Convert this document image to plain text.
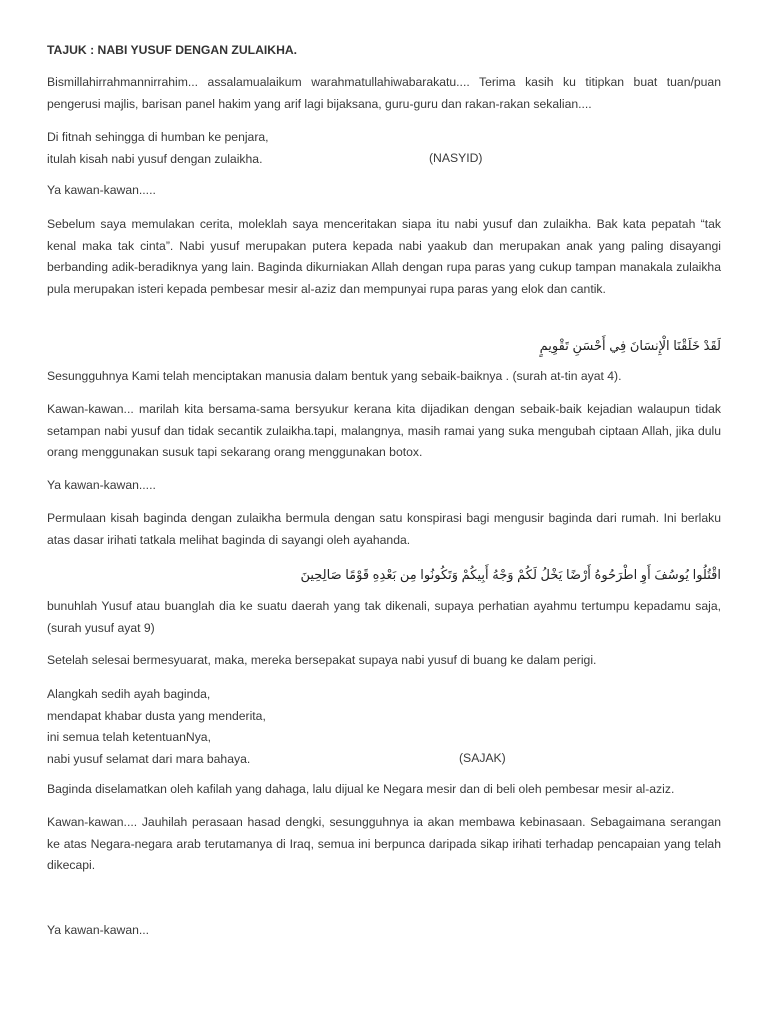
TAJUK : NABI YUSUF DENGAN ZULAIKHA.

Bismillahirrahmannirrahim... assalamualaikum warahmatullahiwabarakatu.... Terima kasih ku titipkan buat tuan/puan pengerusi majlis, barisan panel hakim yang arif lagi bijaksana, guru-guru dan rakan-rakan sekalian....

Di fitnah sehingga di humban ke penjara,
itulah kisah nabi yusuf dengan zulaikha.	(NASYID)

Ya kawan-kawan.....

Sebelum saya memulakan cerita, moleklah saya menceritakan siapa itu nabi yusuf dan zulaikha. Bak kata pepatah “tak kenal maka tak cinta”. Nabi yusuf merupakan putera kepada nabi yaakub dan merupakan anak yang paling disayangi berbanding adik-beradiknya yang lain. Baginda dikurniakan Allah dengan rupa paras yang cukup tampan manakala zulaikha pula merupakan isteri kepada pembesar mesir al-aziz dan mempunyai rupa paras yang elok dan cantik.

لَقَدْ خَلَقْنَا الْإِنسَانَ فِي أَحْسَنِ تَقْوِيمٍ

Sesungguhnya Kami telah menciptakan manusia dalam bentuk yang sebaik-baiknya . (surah at-tin ayat 4).

Kawan-kawan... marilah kita bersama-sama bersyukur kerana kita dijadikan dengan sebaik-baik kejadian walaupun tidak setampan nabi yusuf dan tidak secantik zulaikha.tapi, malangnya, masih ramai yang suka mengubah ciptaan Allah, jika dulu orang menggunakan susuk tapi sekarang orang menggunakan botox.

Ya kawan-kawan.....

Permulaan kisah baginda dengan zulaikha bermula dengan satu konspirasi bagi mengusir baginda dari rumah. Ini berlaku atas dasar irihati tatkala melihat baginda di sayangi oleh ayahanda.

اقْتُلُوا يُوسُفَ أَوِ اطْرَحُوهُ أَرْضًا يَخْلُ لَكُمْ وَجْهُ أَبِيكُمْ وَتَكُونُوا مِن بَعْدِهِ قَوْمًا صَالِحِينَ

bunuhlah Yusuf atau buanglah dia ke suatu daerah yang tak dikenali, supaya perhatian ayahmu tertumpu kepadamu saja, (surah yusuf ayat 9)

Setelah selesai bermesyuarat, maka, mereka bersepakat supaya nabi yusuf di buang ke dalam perigi.

Alangkah sedih ayah baginda,
mendapat khabar dusta yang menderita,
ini semua telah ketentuanNya,
nabi yusuf selamat dari mara bahaya.	(SAJAK)

Baginda diselamatkan oleh kafilah yang dahaga, lalu dijual ke Negara mesir dan di beli oleh pembesar mesir al-aziz.

Kawan-kawan.... Jauhilah perasaan hasad dengki, sesungguhnya ia akan membawa kebinasaan. Sebagaimana serangan ke atas Negara-negara arab terutamanya di Iraq, semua ini berpunca daripada sikap irihati terhadap pencapaian yang telah dikecapi.

Ya kawan-kawan...
